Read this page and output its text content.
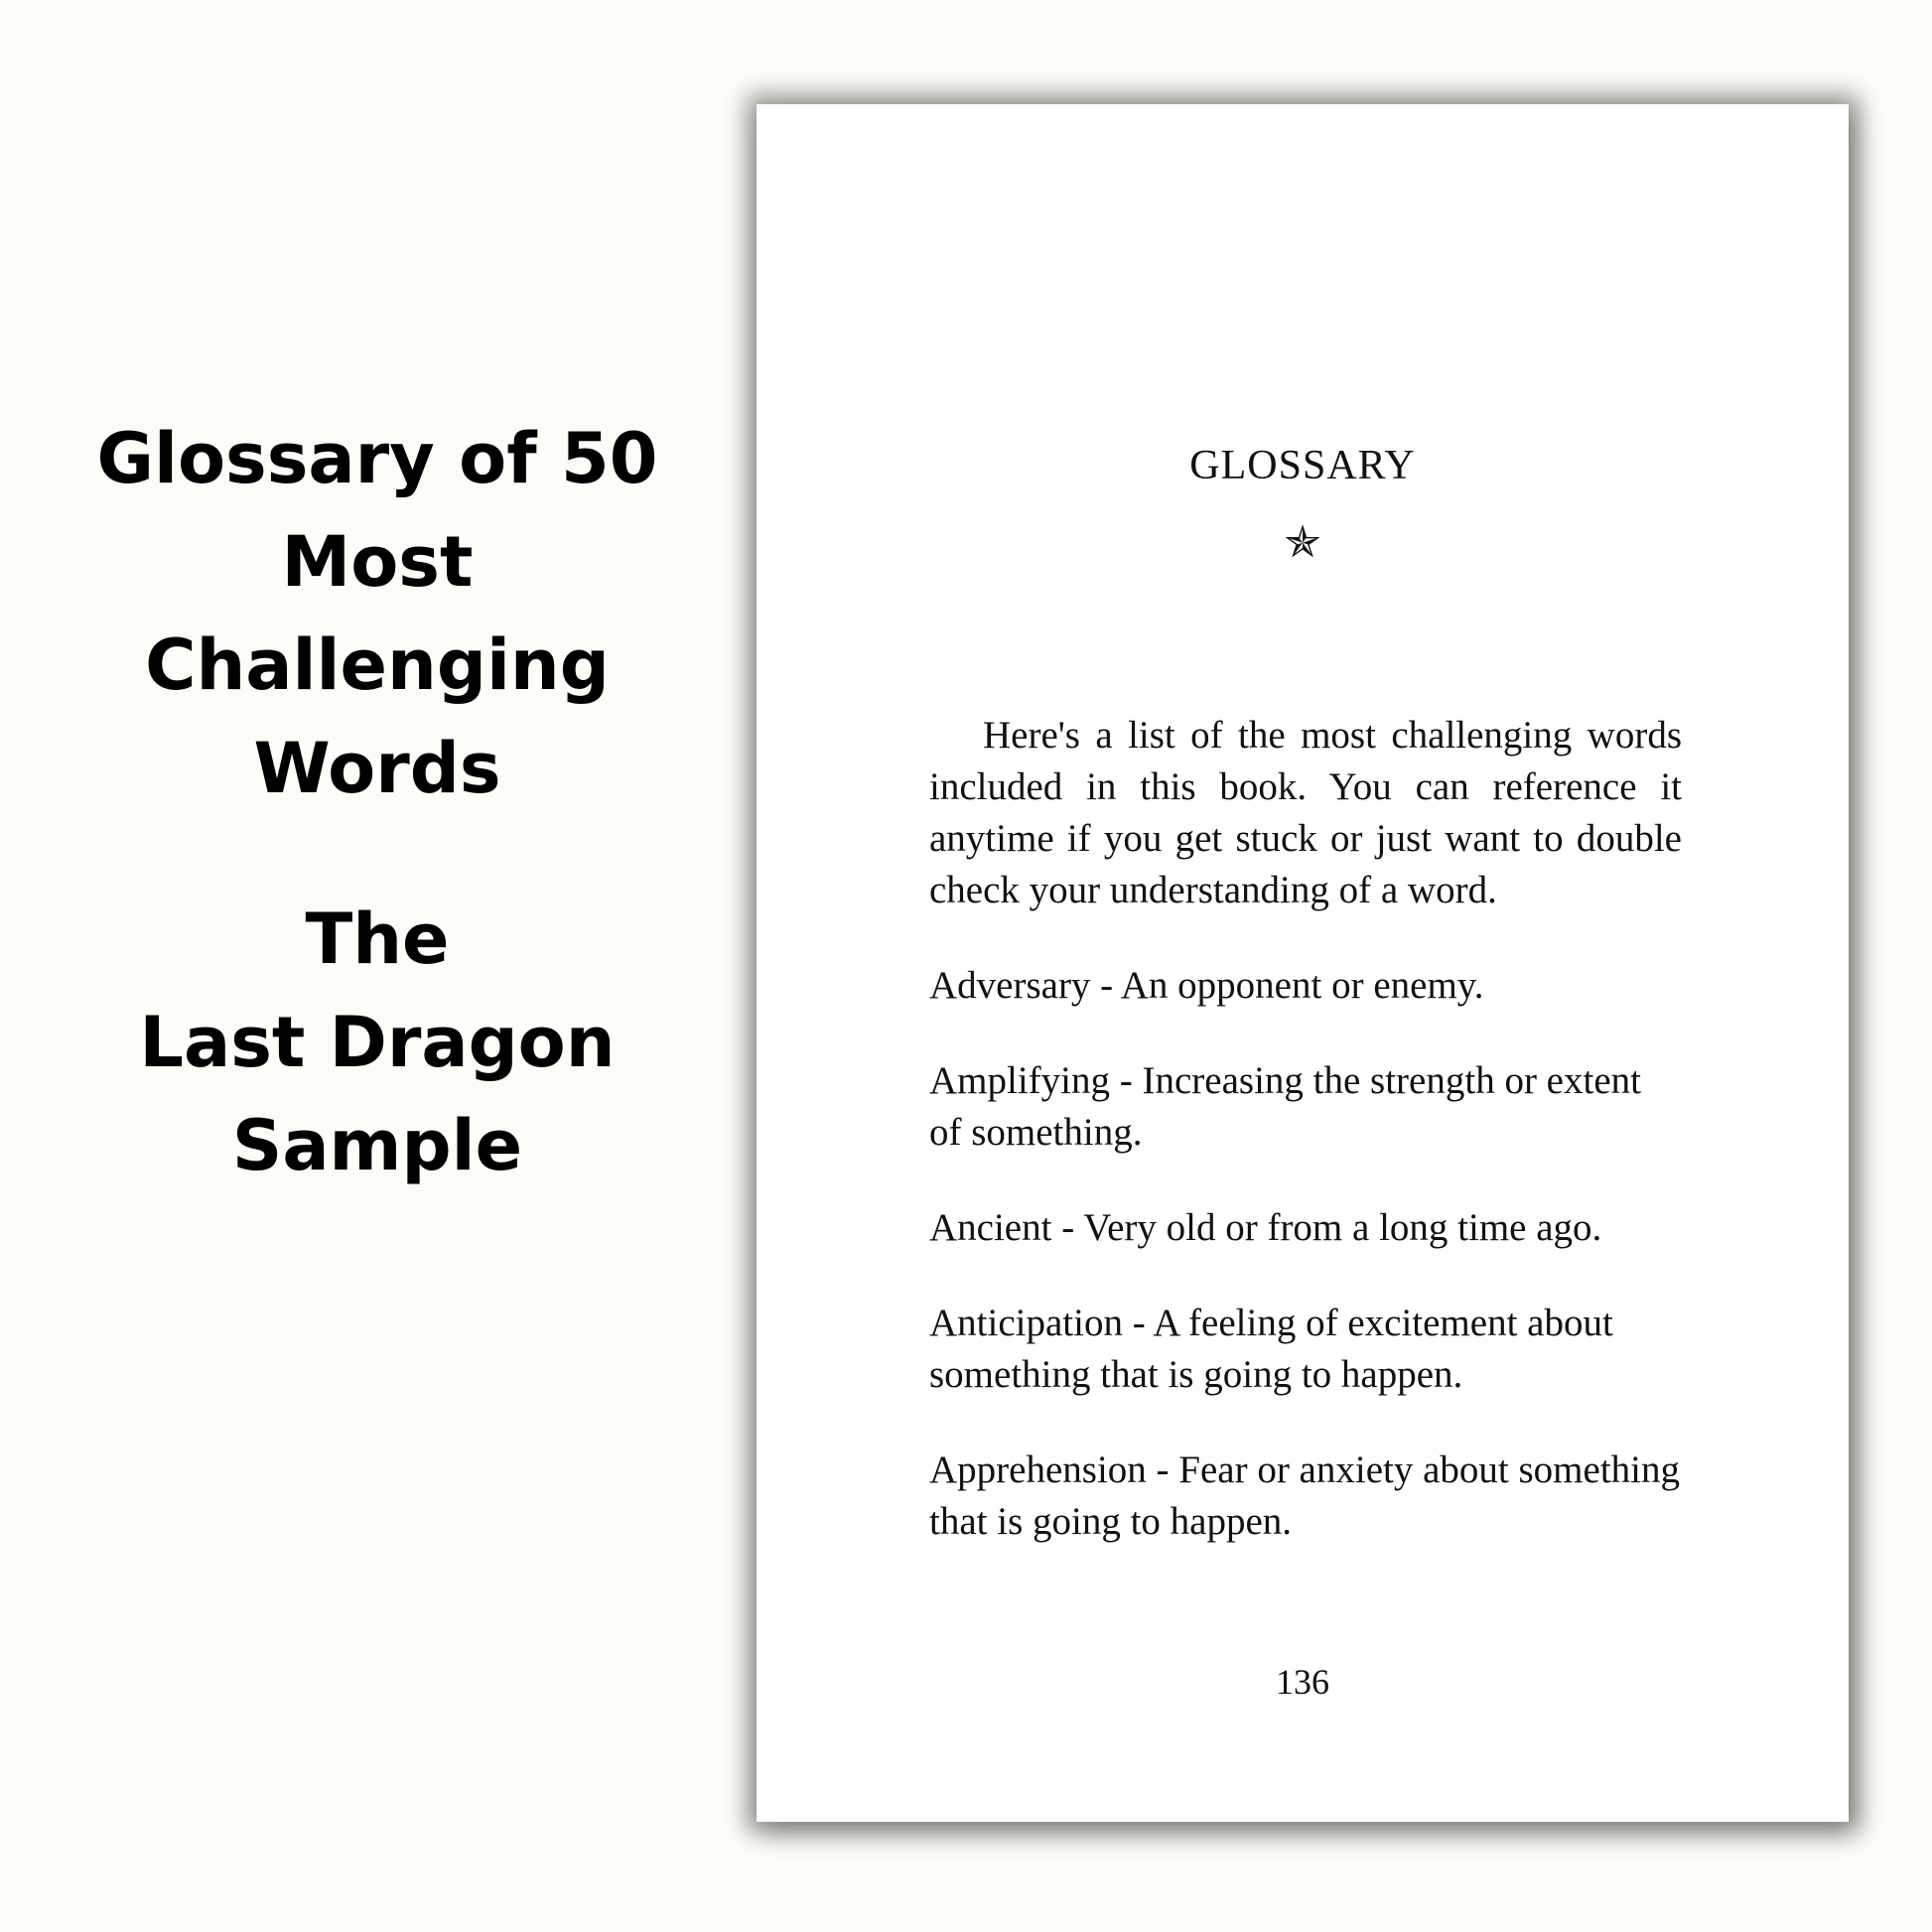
Glossary of 50
Most Challenging
Words
The
Last Dragon
Sample
GLOSSARY
✯

Here's a list of the most challenging words included in this book. You can reference it anytime if you get stuck or just want to double check your understanding of a word.

Adversary - An opponent or enemy.

Amplifying - Increasing the strength or extent of something.

Ancient - Very old or from a long time ago.

Anticipation - A feeling of excitement about something that is going to happen.

Apprehension - Fear or anxiety about something that is going to happen.

136
